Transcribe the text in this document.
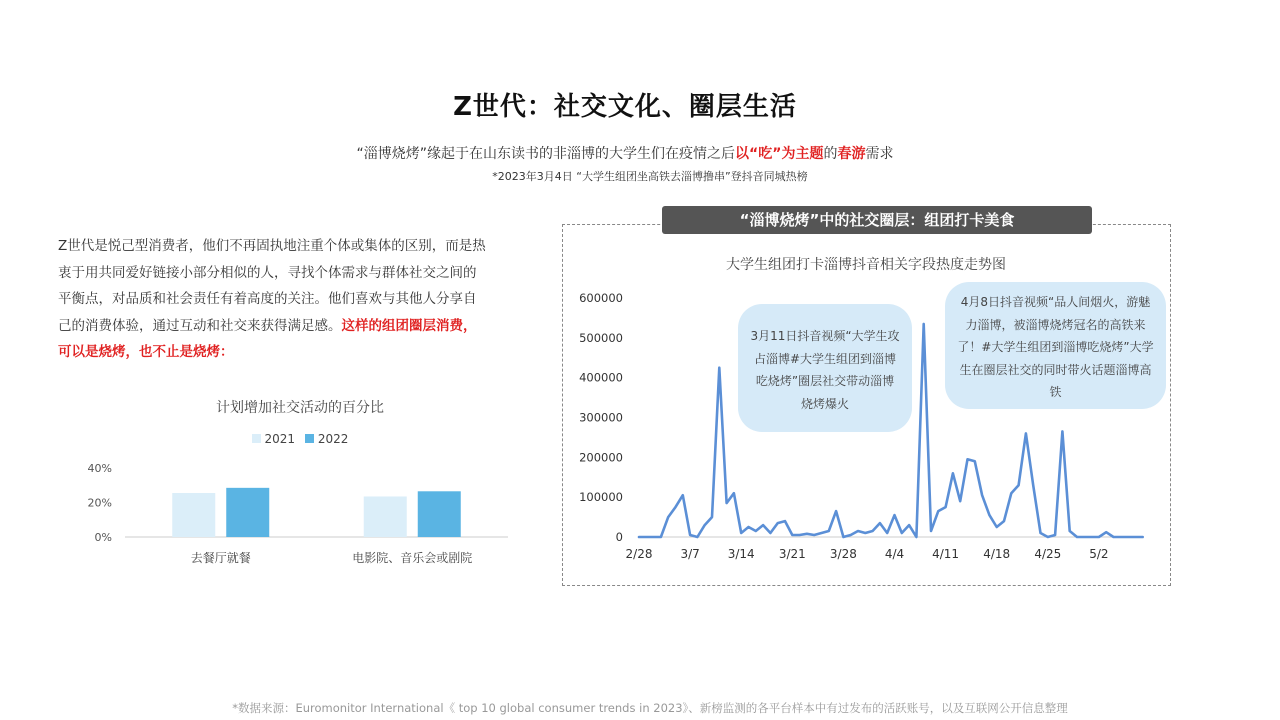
Z世代：社交文化、圈层生活
“淄博烧烤”缘起于在山东读书的非淄博的大学生们在疫情之后以“吃”为主题的春游需求
*2023年3月4日 “大学生组团坐高铁去淄博撸串”登抖音同城热榜
Z世代是悦己型消费者，他们不再固执地注重个体或集体的区别，而是热
衷于用共同爱好链接小部分相似的人，寻找个体需求与群体社交之间的
平衡点，对品质和社会责任有着高度的关注。他们喜欢与其他人分享自
己的消费体验，通过互动和社交来获得满足感。这样的组团圈层消费，
可以是烧烤，也不止是烧烤：
计划增加社交活动的百分比
2021 2022
0%
20%
40%
去餐厅就餐	电影院、音乐会或剧院
“淄博烧烤”中的社交圈层：组团打卡美食
大学生组团打卡淄博抖音相关字段热度走势图
0
100000
200000
300000
400000
500000
600000
2/28 3/7 3/14 3/21 3/28 4/4 4/11 4/18 4/25 5/2
3月11日抖音视频“大学生攻占淄博#大学生组团到淄博吃烧烤”圈层社交带动淄博烧烤爆火
4月8日抖音视频“品人间烟火，游魅力淄博，被淄博烧烤冠名的高铁来了！#大学生组团到淄博吃烧烤”大学生在圈层社交的同时带火话题淄博高铁
*数据来源：Euromonitor International《 top 10 global consumer trends in 2023》、新榜监测的各平台样本中有过发布的活跃账号，以及互联网公开信息整理
